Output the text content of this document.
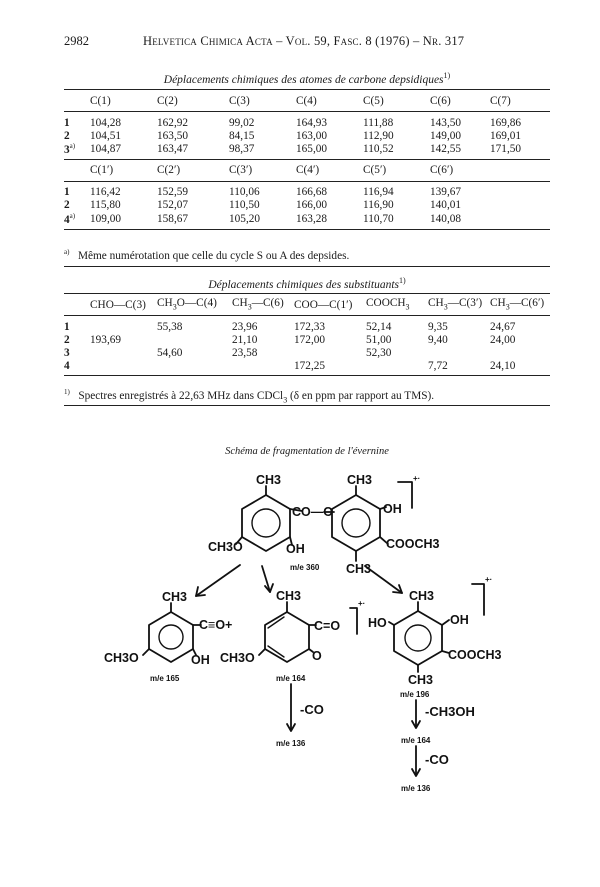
2982	Helvetica Chimica Acta – Vol. 59, Fasc. 8 (1976) – Nr. 317
Déplacements chimiques des atomes de carbone depsidiques$^{1)}$
	C(1)	C(2)	C(3)	C(4)	C(5)	C(6)	C(7)
1	104,28	162,92	99,02	164,93	111,88	143,50	169,86
2	104,51	163,50	84,15	163,00	112,90	149,00	169,01
3$^{a)}$	104,87	163,47	98,37	165,00	110,52	142,55	171,50
	C(1′)	C(2′)	C(3′)	C(4′)	C(5′)	C(6′)	
1	116,42	152,59	110,06	166,68	116,94	139,67	
2	115,80	152,07	110,50	166,00	116,90	140,01	
4$^{a)}$	109,00	158,67	105,20	163,28	110,70	140,08	
$^{a)}$ Même numérotation que celle du cycle S ou A des depsides.
Déplacements chimiques des substituants$^{1)}$
	CHO—C(3)	$CH_3O—C(4)$	$CH_3—C(6)$	COO—C(1′)	$COOCH_3$	$CH_3—C(3')$	$CH_3—C(6')$
1		55,38	23,96	172,33	52,14	9,35	24,67
2	193,69		21,10	172,00	51,00	9,40	24,00
3		54,60	23,58		52,30		
4				172,25		7,72	24,10
$^{1)}$ Spectres enregistrés à 22,63 MHz dans CDCl$_3$ (δ en ppm par rapport au TMS).
Schéma de fragmentation de l'évernine
+·
+·
+·
CH3	CH3
CO—O	OH
CH3O	OH	COOCH3
CH3
m/e 360
CH3
C≡O+
CH3O	OH
m/e 165
CH3
C=O
CH3O	O
m/e 164
CH3
HO	OH
COOCH3
CH3
m/e 196
-CO
m/e 136
-CH3OH
m/e 164
-CO
m/e 136
